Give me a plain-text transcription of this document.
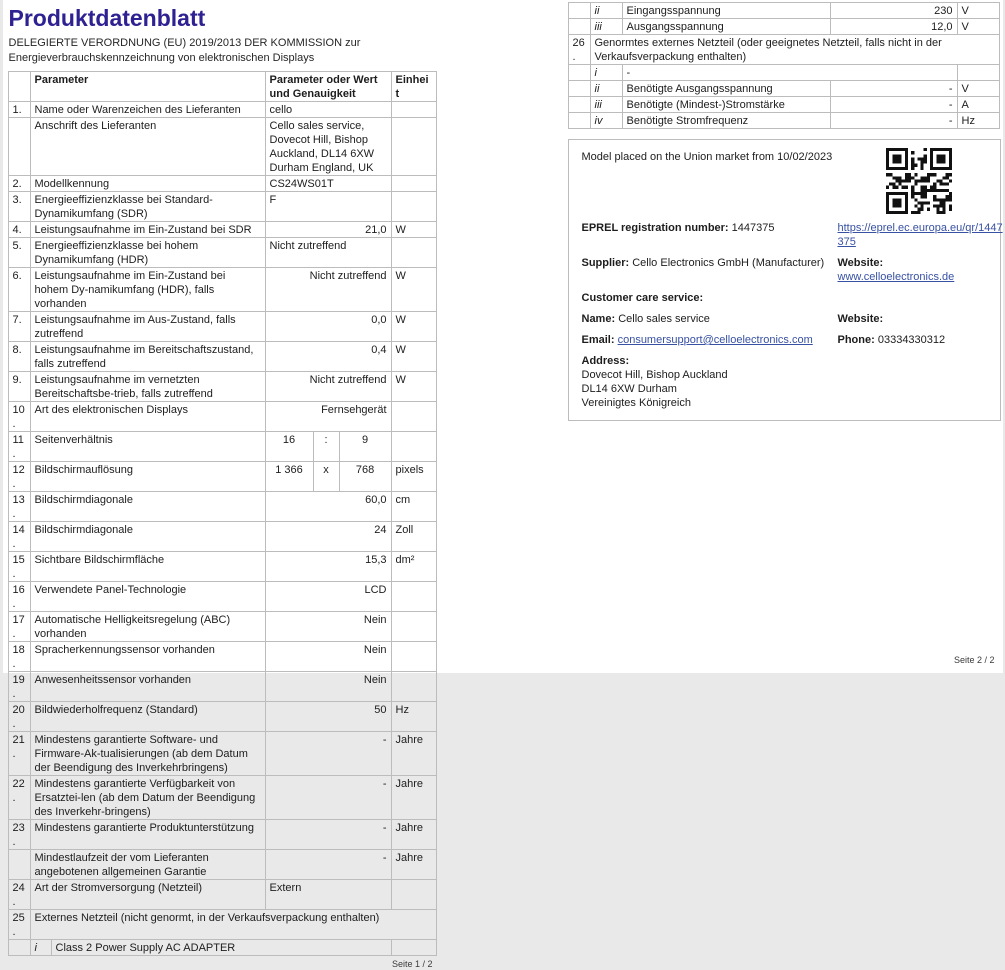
Produktdatenblatt
DELEGIERTE VERORDNUNG (EU) 2019/2013 DER KOMMISSION zur
Energieverbrauchskennzeichnung von elektronischen Displays
	Parameter		Parameter oder Wert und Genauigkeit			Einheit
1.	Name oder Warenzeichen des Lieferanten		cello			
	Anschrift des Lieferanten		Cello sales service, Dovecot Hill, Bishop Auckland, DL14 6XW Durham England, UK			
2.	Modellkennung		CS24WS01T			
3.	Energieeffizienzklasse bei Standard-Dynamikumfang (SDR)		F			
4.	Leistungsaufnahme im Ein-Zustand bei SDR		21,0			W
5.	Energieeffizienzklasse bei hohem Dynamikumfang (HDR)		Nicht zutreffend			
6.	Leistungsaufnahme im Ein-Zustand bei hohem Dy-namikumfang (HDR), falls vorhanden		Nicht zutreffend			W
7.	Leistungsaufnahme im Aus-Zustand, falls zutreffend		0,0			W
8.	Leistungsaufnahme im Bereitschaftszustand, falls zutreffend		0,4			W
9.	Leistungsaufnahme im vernetzten Bereitschaftsbe-trieb, falls zutreffend		Nicht zutreffend			W
10.	Art des elektronischen Displays		Fernsehgerät			
11.	Seitenverhältnis		16	:	9	
12.	Bildschirmauflösung		1 366	x	768	pixels
13.	Bildschirmdiagonale		60,0			cm
14.	Bildschirmdiagonale		24			Zoll
15.	Sichtbare Bildschirmfläche		15,3			dm²
16.	Verwendete Panel-Technologie		LCD			
17.	Automatische Helligkeitsregelung (ABC) vorhanden		Nein			
18.	Spracherkennungssensor vorhanden		Nein			
19.	Anwesenheitssensor vorhanden		Nein			
20.	Bildwiederholfrequenz (Standard)		50			Hz
21.	Mindestens garantierte Software- und Firmware-Ak-tualisierungen (ab dem Datum der Beendigung des Inverkehrbringens)		-			Jahre
22.	Mindestens garantierte Verfügbarkeit von Ersatztei-len (ab dem Datum der Beendigung des Inverkehr-bringens)		-			Jahre
23.	Mindestens garantierte Produktunterstützung		-			Jahre
	Mindestlaufzeit der vom Lieferanten angebotenen allgemeinen Garantie		-			Jahre
24.	Art der Stromversorgung (Netzteil)		Extern			
25.	Externes Netzteil (nicht genormt, in der Verkaufsverpackung enthalten)					
	i	Class 2 Power Supply AC ADAPTER				
Seite 1 / 2
	ii	Eingangsspannung	230	V
	iii	Ausgangsspannung	12,0	V
26.	Genormtes externes Netzteil (oder geeignetes Netzteil, falls nicht in der Verkaufsverpackung enthalten)			
	i	-		
	ii	Benötigte Ausgangsspannung	-	V
	iii	Benötigte (Mindest-)Stromstärke	-	A
	iv	Benötigte Stromfrequenz	-	Hz
Model placed on the Union market from 10/02/2023
EPREL registration number: 1447375	https://eprel.ec.europa.eu/qr/1447375
Supplier: Cello Electronics GmbH (Manufacturer)	Website: www.celloelectronics.de
Customer care service:
Name: Cello sales service	Website:
Email: consumersupport@celloelectronics.com	Phone: 03334330312
Address:
Dovecot Hill, Bishop Auckland
DL14 6XW Durham
Vereinigtes Königreich
Seite 2 / 2
